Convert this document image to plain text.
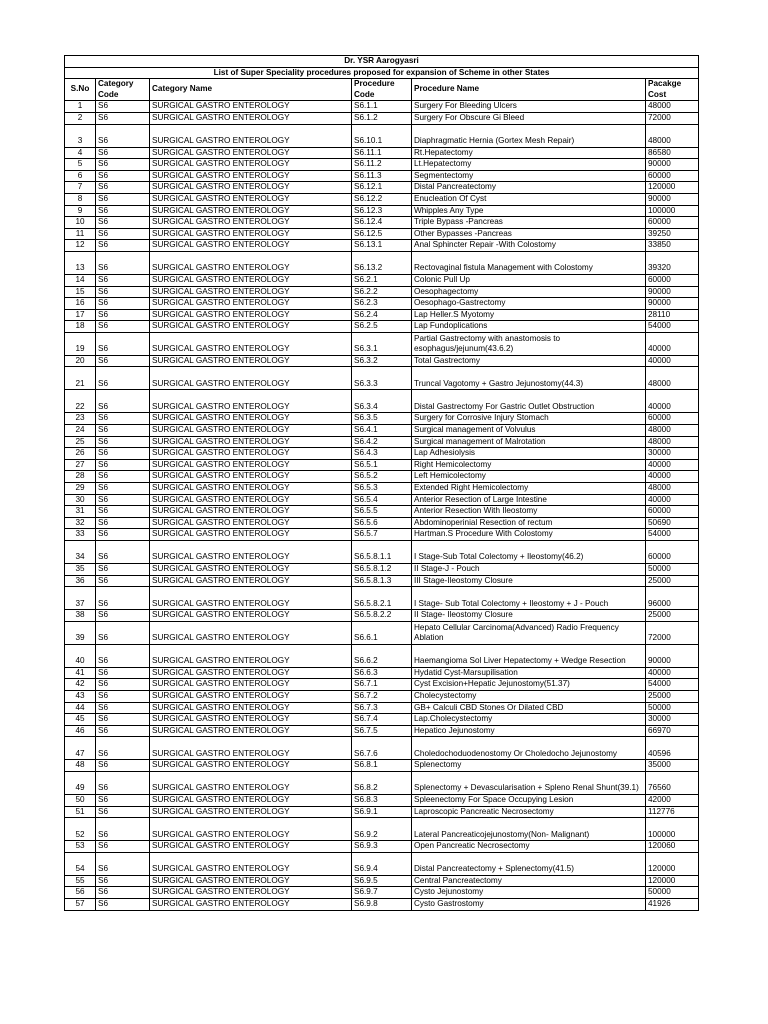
Dr. YSR Aarogyasri					
List of Super Speciality procedures proposed for expansion of Scheme in other States					
S.No	Category Code	Category Name	Procedure Code	Procedure Name	Pacakge Cost
1	S6	SURGICAL GASTRO ENTEROLOGY	S6.1.1	Surgery For Bleeding Ulcers	48000
2	S6	SURGICAL GASTRO ENTEROLOGY	S6.1.2	Surgery For Obscure Gi Bleed	72000
3	S6	SURGICAL GASTRO ENTEROLOGY	S6.10.1	Diaphragmatic Hernia (Gortex Mesh Repair)	48000
4	S6	SURGICAL GASTRO ENTEROLOGY	S6.11.1	Rt.Hepatectomy	86580
5	S6	SURGICAL GASTRO ENTEROLOGY	S6.11.2	Lt.Hepatectomy	90000
6	S6	SURGICAL GASTRO ENTEROLOGY	S6.11.3	Segmentectomy	60000
7	S6	SURGICAL GASTRO ENTEROLOGY	S6.12.1	Distal Pancreatectomy	120000
8	S6	SURGICAL GASTRO ENTEROLOGY	S6.12.2	Enucleation Of Cyst	90000
9	S6	SURGICAL GASTRO ENTEROLOGY	S6.12.3	Whipples Any Type	100000
10	S6	SURGICAL GASTRO ENTEROLOGY	S6.12.4	Triple Bypass -Pancreas	60000
11	S6	SURGICAL GASTRO ENTEROLOGY	S6.12.5	Other Bypasses -Pancreas	39250
12	S6	SURGICAL GASTRO ENTEROLOGY	S6.13.1	Anal Sphincter Repair -With Colostomy	33850
13	S6	SURGICAL GASTRO ENTEROLOGY	S6.13.2	Rectovaginal fistula Management with Colostomy	39320
14	S6	SURGICAL GASTRO ENTEROLOGY	S6.2.1	Colonic Pull Up	60000
15	S6	SURGICAL GASTRO ENTEROLOGY	S6.2.2	Oesophagectomy	90000
16	S6	SURGICAL GASTRO ENTEROLOGY	S6.2.3	Oesophago-Gastrectomy	90000
17	S6	SURGICAL GASTRO ENTEROLOGY	S6.2.4	Lap Heller.S Myotomy	28110
18	S6	SURGICAL GASTRO ENTEROLOGY	S6.2.5	Lap Fundoplications	54000
19	S6	SURGICAL GASTRO ENTEROLOGY	S6.3.1	Partial Gastrectomy with anastomosis to esophagus/jejunum(43.6.2)	40000
20	S6	SURGICAL GASTRO ENTEROLOGY	S6.3.2	Total Gastrectomy	40000
21	S6	SURGICAL GASTRO ENTEROLOGY	S6.3.3	Truncal Vagotomy + Gastro Jejunostomy(44.3)	48000
22	S6	SURGICAL GASTRO ENTEROLOGY	S6.3.4	Distal Gastrectomy For Gastric Outlet Obstruction	40000
23	S6	SURGICAL GASTRO ENTEROLOGY	S6.3.5	Surgery for Corrosive Injury Stomach	60000
24	S6	SURGICAL GASTRO ENTEROLOGY	S6.4.1	Surgical management of Volvulus	48000
25	S6	SURGICAL GASTRO ENTEROLOGY	S6.4.2	Surgical management of Malrotation	48000
26	S6	SURGICAL GASTRO ENTEROLOGY	S6.4.3	Lap Adhesiolysis	30000
27	S6	SURGICAL GASTRO ENTEROLOGY	S6.5.1	Right Hemicolectomy	40000
28	S6	SURGICAL GASTRO ENTEROLOGY	S6.5.2	Left Hemicolectomy	40000
29	S6	SURGICAL GASTRO ENTEROLOGY	S6.5.3	Extended Right Hemicolectomy	48000
30	S6	SURGICAL GASTRO ENTEROLOGY	S6.5.4	Anterior Resection of Large Intestine	40000
31	S6	SURGICAL GASTRO ENTEROLOGY	S6.5.5	Anterior Resection With Ileostomy	60000
32	S6	SURGICAL GASTRO ENTEROLOGY	S6.5.6	Abdominoperinial Resection of rectum	50690
33	S6	SURGICAL GASTRO ENTEROLOGY	S6.5.7	Hartman.S Procedure With Colostomy	54000
34	S6	SURGICAL GASTRO ENTEROLOGY	S6.5.8.1.1	I Stage-Sub Total Colectomy + Ileostomy(46.2)	60000
35	S6	SURGICAL GASTRO ENTEROLOGY	S6.5.8.1.2	II Stage-J - Pouch	50000
36	S6	SURGICAL GASTRO ENTEROLOGY	S6.5.8.1.3	III Stage-Ileostomy Closure	25000
37	S6	SURGICAL GASTRO ENTEROLOGY	S6.5.8.2.1	I Stage- Sub Total Colectomy + Ileostomy + J - Pouch	96000
38	S6	SURGICAL GASTRO ENTEROLOGY	S6.5.8.2.2	II Stage- Ileostomy Closure	25000
39	S6	SURGICAL GASTRO ENTEROLOGY	S6.6.1	Hepato Cellular Carcinoma(Advanced) Radio Frequency Ablation	72000
40	S6	SURGICAL GASTRO ENTEROLOGY	S6.6.2	Haemangioma Sol Liver Hepatectomy + Wedge Resection	90000
41	S6	SURGICAL GASTRO ENTEROLOGY	S6.6.3	Hydatid Cyst-Marsupilisation	40000
42	S6	SURGICAL GASTRO ENTEROLOGY	S6.7.1	Cyst Excision+Hepatic Jejunostomy(51.37)	54000
43	S6	SURGICAL GASTRO ENTEROLOGY	S6.7.2	Cholecystectomy	25000
44	S6	SURGICAL GASTRO ENTEROLOGY	S6.7.3	GB+ Calculi CBD Stones Or Dilated CBD	50000
45	S6	SURGICAL GASTRO ENTEROLOGY	S6.7.4	Lap.Cholecystectomy	30000
46	S6	SURGICAL GASTRO ENTEROLOGY	S6.7.5	Hepatico Jejunostomy	66970
47	S6	SURGICAL GASTRO ENTEROLOGY	S6.7.6	Choledochoduodenostomy Or Choledocho Jejunostomy	40596
48	S6	SURGICAL GASTRO ENTEROLOGY	S6.8.1	Splenectomy	35000
49	S6	SURGICAL GASTRO ENTEROLOGY	S6.8.2	Splenectomy + Devascularisation + Spleno Renal Shunt(39.1)	76560
50	S6	SURGICAL GASTRO ENTEROLOGY	S6.8.3	Spleenectomy For Space Occupying Lesion	42000
51	S6	SURGICAL GASTRO ENTEROLOGY	S6.9.1	Laproscopic Pancreatic Necrosectomy	112776
52	S6	SURGICAL GASTRO ENTEROLOGY	S6.9.2	Lateral Pancreaticojejunostomy(Non- Malignant)	100000
53	S6	SURGICAL GASTRO ENTEROLOGY	S6.9.3	Open Pancreatic Necrosectomy	120060
54	S6	SURGICAL GASTRO ENTEROLOGY	S6.9.4	Distal Pancreatectomy + Splenectomy(41.5)	120000
55	S6	SURGICAL GASTRO ENTEROLOGY	S6.9.5	Central Pancreatectomy	120000
56	S6	SURGICAL GASTRO ENTEROLOGY	S6.9.7	Cysto Jejunostomy	50000
57	S6	SURGICAL GASTRO ENTEROLOGY	S6.9.8	Cysto Gastrostomy	41926
